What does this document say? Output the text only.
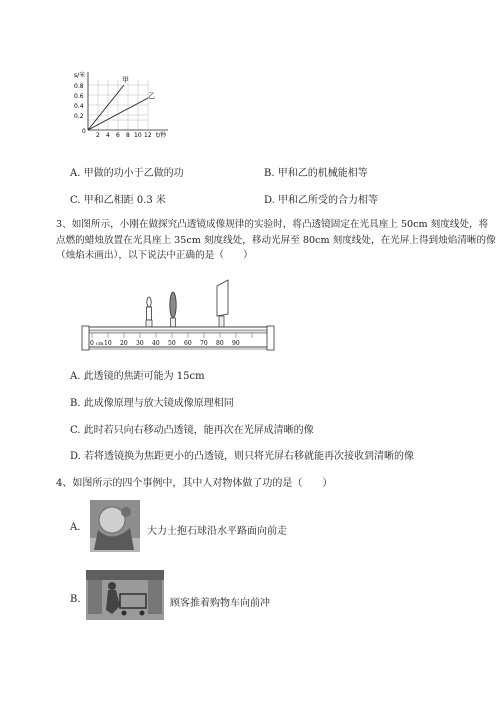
s/米
t/秒
甲
乙
0.8
0.6
0.4
0.2
0
2 4 6 8 10 12
A. 甲做的功小于乙做的功	B. 甲和乙的机械能相等
C. 甲和乙相距 0.3 米	D. 甲和乙所受的合力相等
3、如图所示，小刚在做探究凸透镜成像规律的实验时，将凸透镜固定在光具座上 50cm 刻度线处，将
点燃的蜡烛放置在光具座上 35cm 刻度线处，移动光屏至 80cm 刻度线处，在光屏上得到烛焰清晰的像
（烛焰未画出），以下说法中正确的是（　　）
0 cm 10 20 30 40 50 60 70 80 90
A. 此透镜的焦距可能为 15cm
B. 此成像原理与放大镜成像原理相同
C. 此时若只向右移动凸透镜，能再次在光屏成清晰的像
D. 若将透镜换为焦距更小的凸透镜，则只将光屏右移就能再次接收到清晰的像
4、如图所示的四个事例中，其中人对物体做了功的是（　　）
A.	大力士抱石球沿水平路面向前走
B.	顾客推着购物车向前冲
